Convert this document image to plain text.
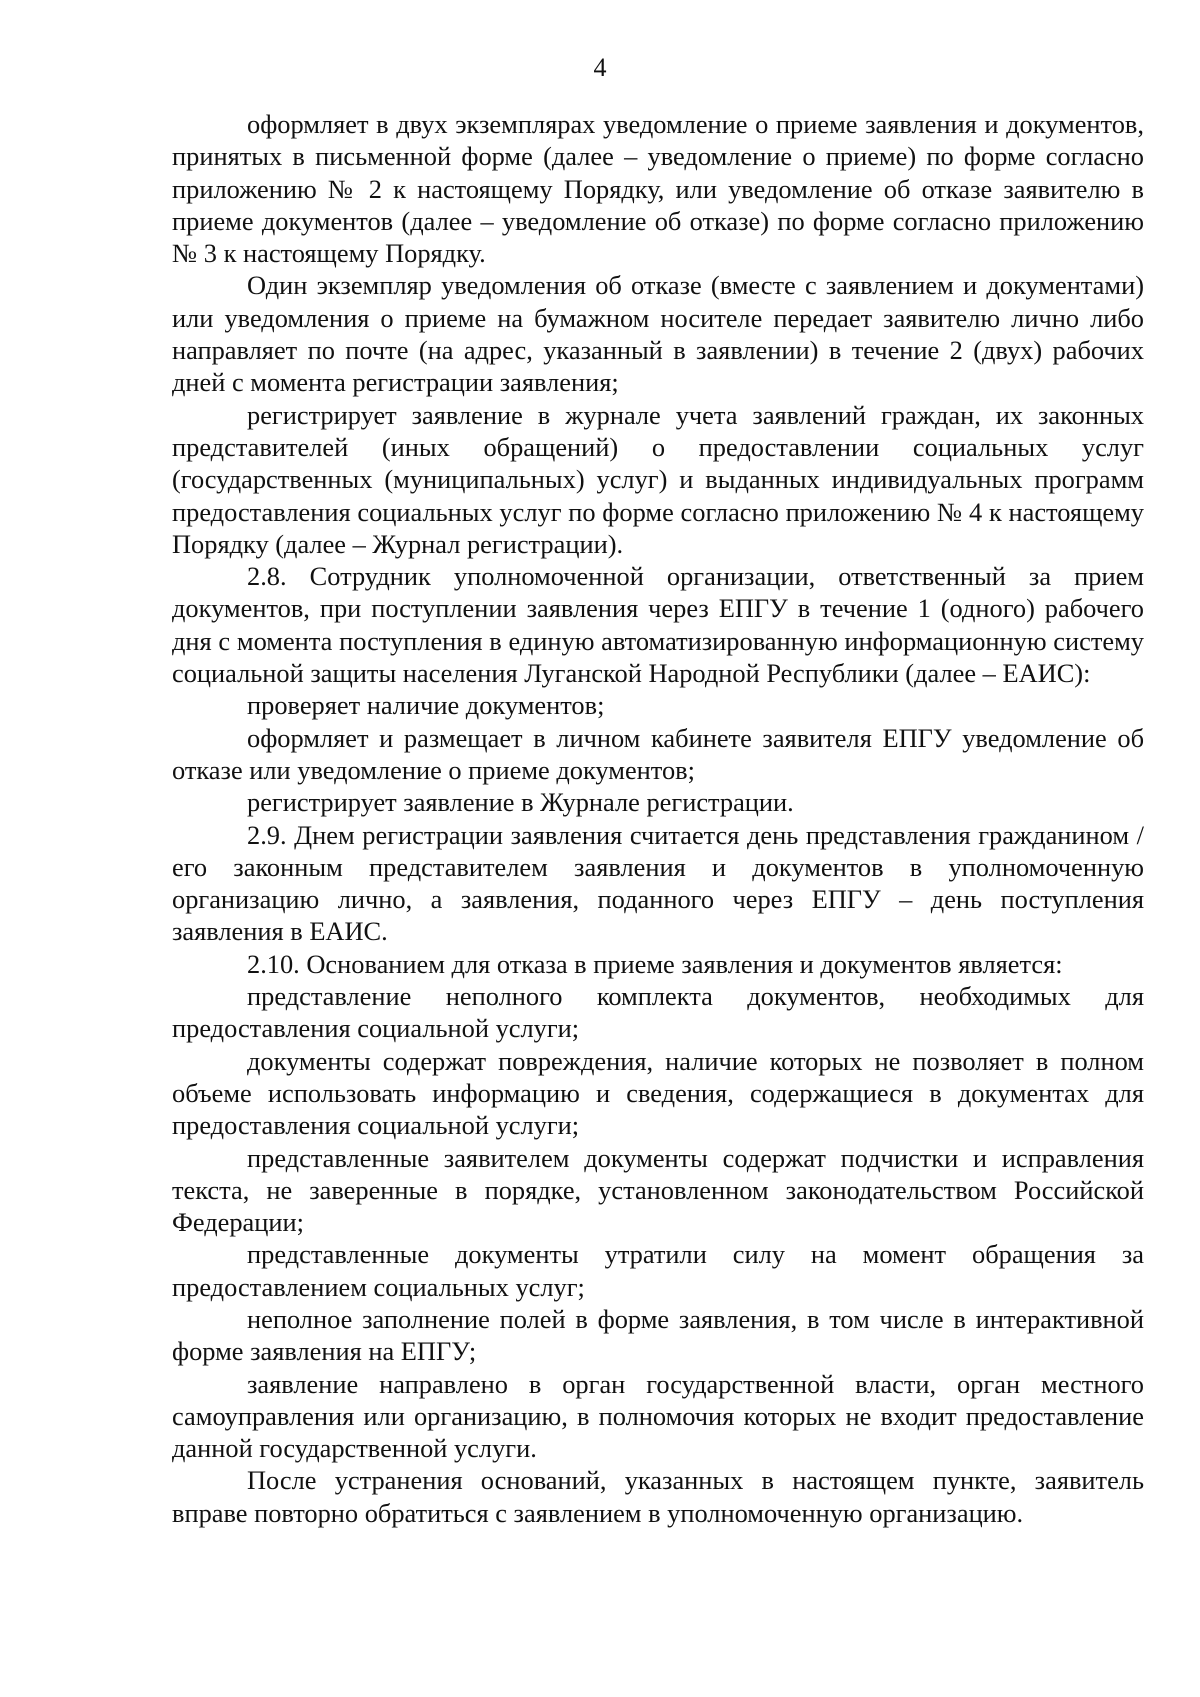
4

оформляет в двух экземплярах уведомление о приеме заявления и документов, принятых в письменной форме (далее – уведомление о приеме) по форме согласно приложению № 2 к настоящему Порядку, или уведомление об отказе заявителю в приеме документов (далее – уведомление об отказе) по форме согласно приложению № 3 к настоящему Порядку.

Один экземпляр уведомления об отказе (вместе с заявлением и документами) или уведомления о приеме на бумажном носителе передает заявителю лично либо направляет по почте (на адрес, указанный в заявлении) в течение 2 (двух) рабочих дней с момента регистрации заявления;

регистрирует заявление в журнале учета заявлений граждан, их законных представителей (иных обращений) о предоставлении социальных услуг (государственных (муниципальных) услуг) и выданных индивидуальных программ предоставления социальных услуг по форме согласно приложению № 4 к настоящему Порядку (далее – Журнал регистрации).

2.8. Сотрудник уполномоченной организации, ответственный за прием документов, при поступлении заявления через ЕПГУ в течение 1 (одного) рабочего дня с момента поступления в единую автоматизированную информационную систему социальной защиты населения Луганской Народной Республики (далее – ЕАИС):

проверяет наличие документов;

оформляет и размещает в личном кабинете заявителя ЕПГУ уведомление об отказе или уведомление о приеме документов;

регистрирует заявление в Журнале регистрации.

2.9. Днем регистрации заявления считается день представления гражданином / его законным представителем заявления и документов в уполномоченную организацию лично, а заявления, поданного через ЕПГУ – день поступления заявления в ЕАИС.

2.10. Основанием для отказа в приеме заявления и документов является:

представление неполного комплекта документов, необходимых для предоставления социальной услуги;

документы содержат повреждения, наличие которых не позволяет в полном объеме использовать информацию и сведения, содержащиеся в документах для предоставления социальной услуги;

представленные заявителем документы содержат подчистки и исправления текста, не заверенные в порядке, установленном законодательством Российской Федерации;

представленные документы утратили силу на момент обращения за предоставлением социальных услуг;

неполное заполнение полей в форме заявления, в том числе в интерактивной форме заявления на ЕПГУ;

заявление направлено в орган государственной власти, орган местного самоуправления или организацию, в полномочия которых не входит предоставление данной государственной услуги.

После устранения оснований, указанных в настоящем пункте, заявитель вправе повторно обратиться с заявлением в уполномоченную организацию.
